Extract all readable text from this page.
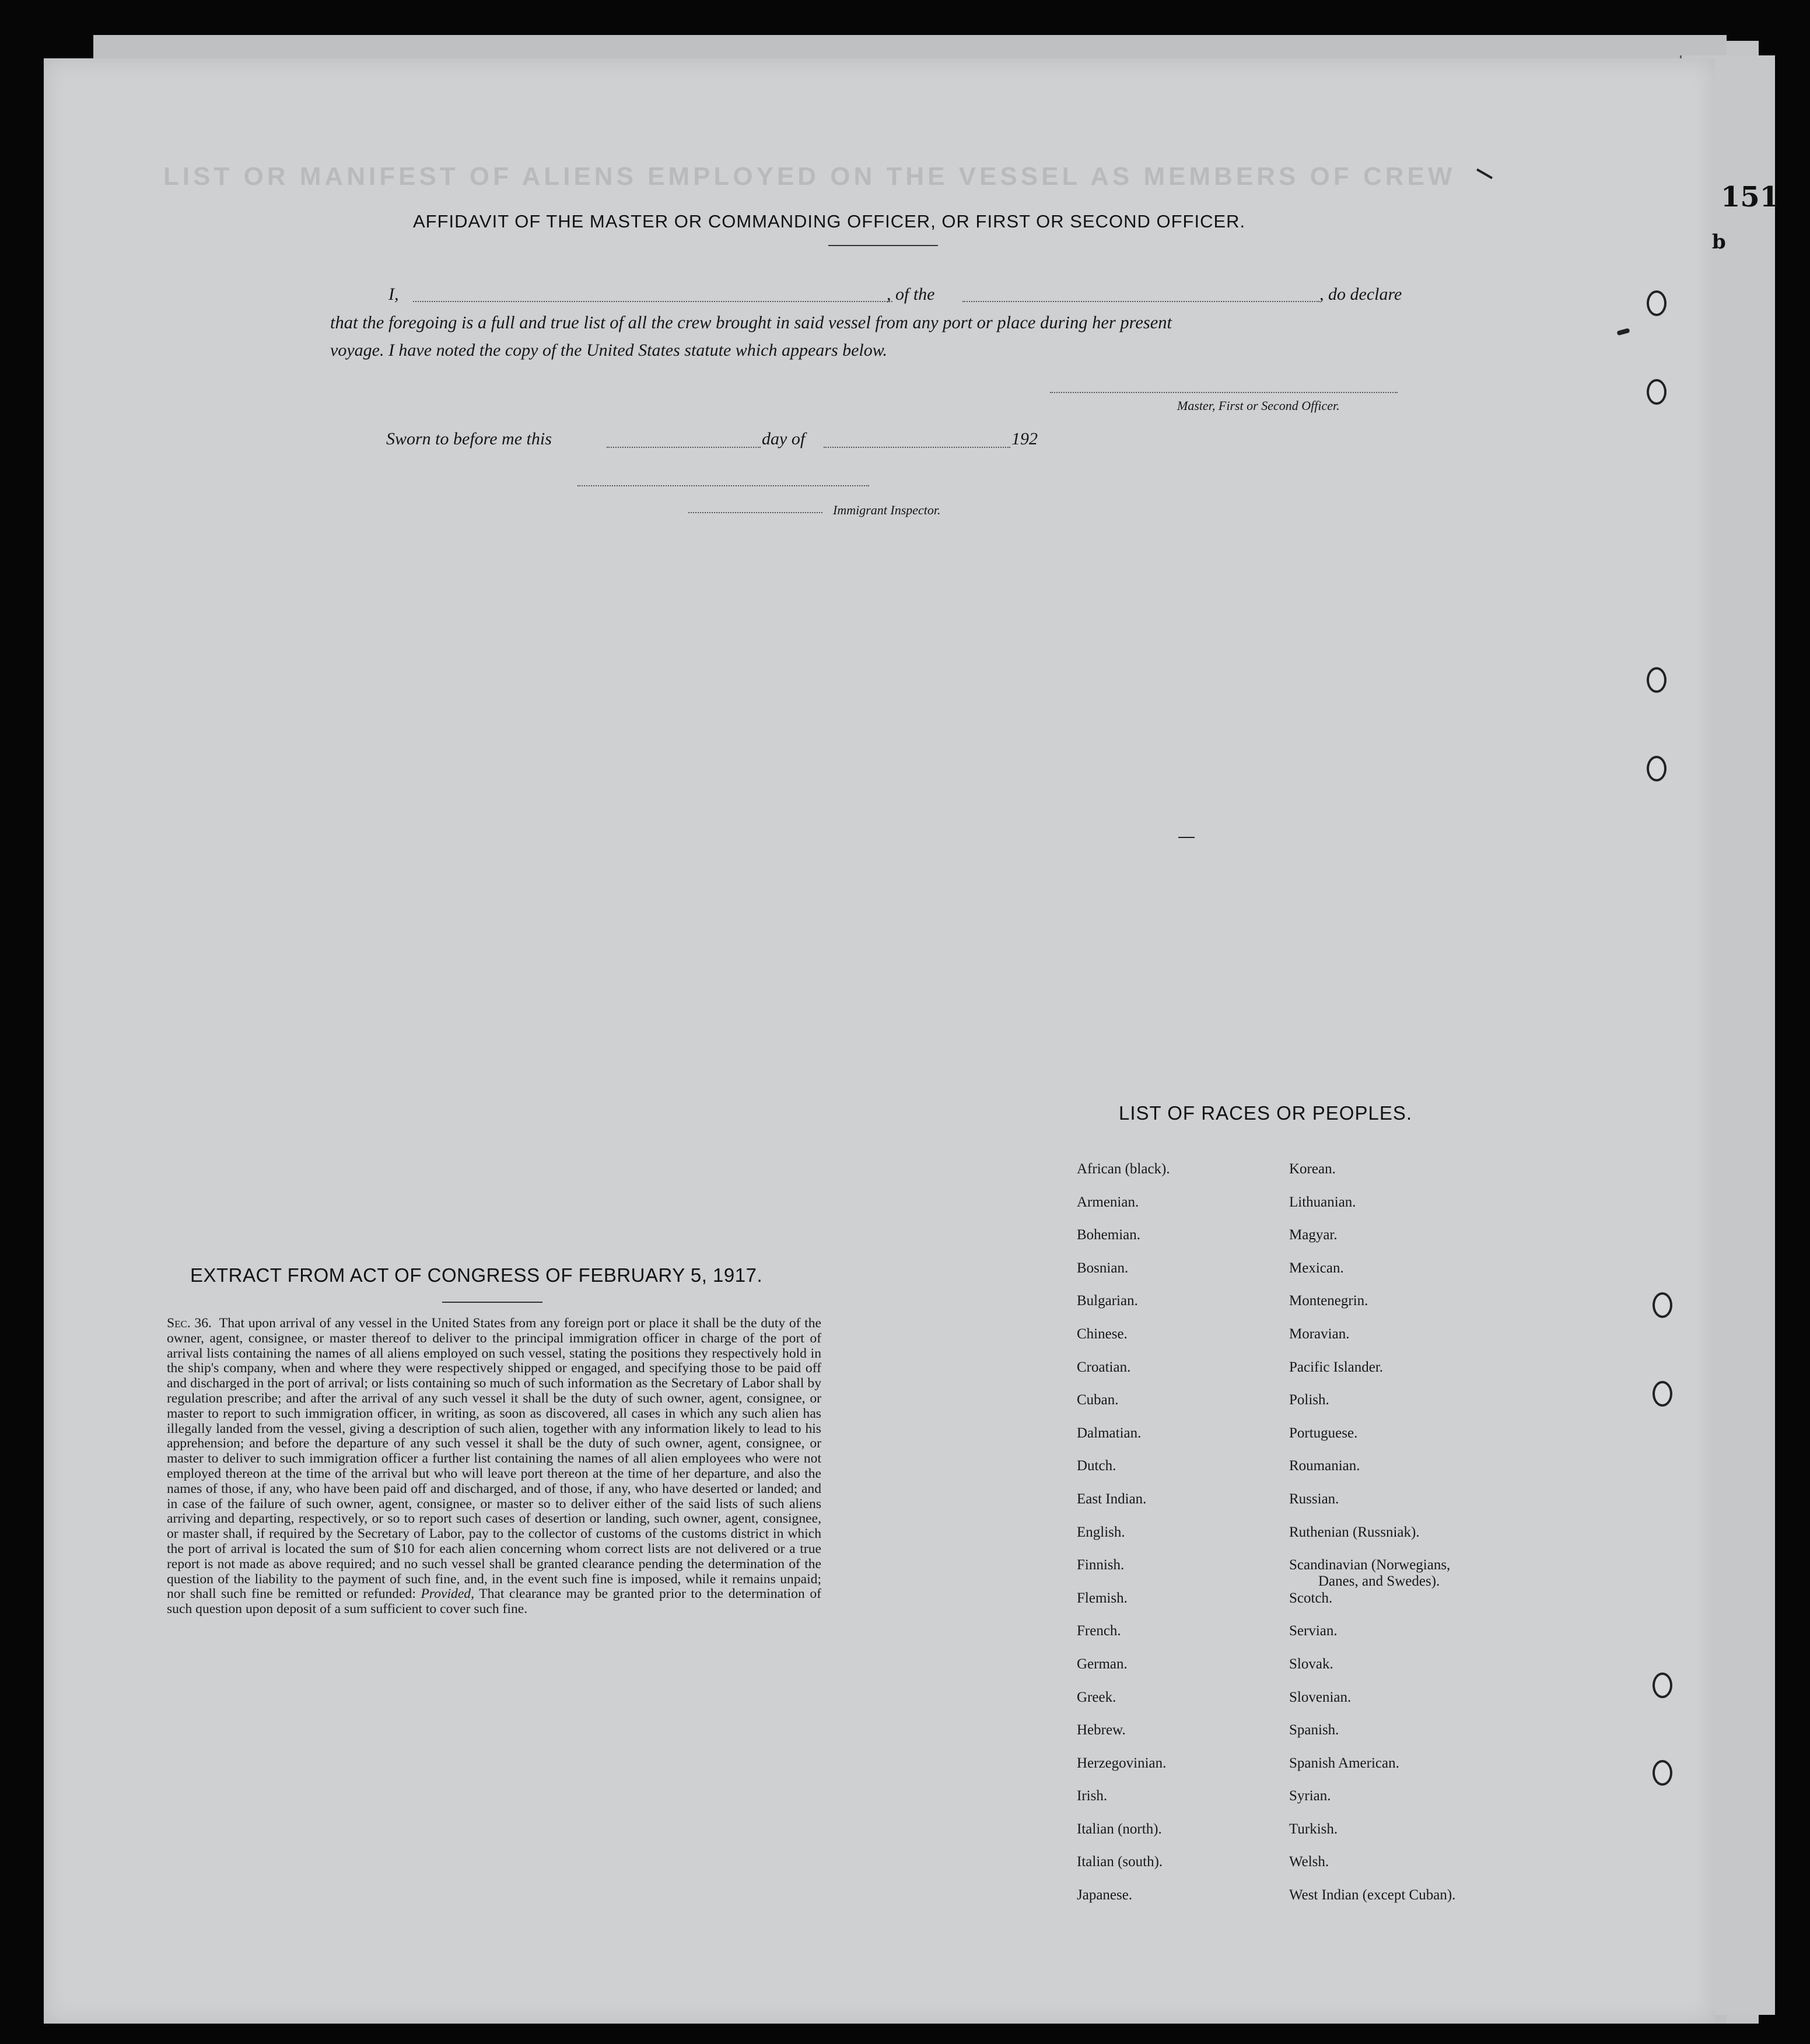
151
b
LIST OR MANIFEST OF ALIENS EMPLOYED ON THE VESSEL AS MEMBERS OF CREW
AFFIDAVIT OF THE MASTER OR COMMANDING OFFICER, OR FIRST OR SECOND OFFICER.
I,	, of the	, do declare
that the foregoing is a full and true list of all the crew brought in said vessel from any port or place during her present
voyage. I have noted the copy of the United States statute which appears below.
Master, First or Second Officer.
Sworn to before me this	day of	192
Immigrant Inspector.
EXTRACT FROM ACT OF CONGRESS OF FEBRUARY 5, 1917.
Sec. 36. That upon arrival of any vessel in the United States from any foreign port or place it shall be the duty of the owner, agent, consignee, or master thereof to deliver to the principal immigration officer in charge of the port of arrival lists containing the names of all aliens employed on such vessel, stating the positions they respectively hold in the ship's company, when and where they were respectively shipped or engaged, and specifying those to be paid off and discharged in the port of arrival; or lists containing so much of such information as the Secretary of Labor shall by regulation prescribe; and after the arrival of any such vessel it shall be the duty of such owner, agent, consignee, or master to report to such immigration officer, in writing, as soon as discovered, all cases in which any such alien has illegally landed from the vessel, giving a description of such alien, together with any information likely to lead to his apprehension; and before the departure of any such vessel it shall be the duty of such owner, agent, consignee, or master to deliver to such immigration officer a further list containing the names of all alien employees who were not employed thereon at the time of the arrival but who will leave port thereon at the time of her departure, and also the names of those, if any, who have been paid off and discharged, and of those, if any, who have deserted or landed; and in case of the failure of such owner, agent, consignee, or master so to deliver either of the said lists of such aliens arriving and departing, respectively, or so to report such cases of desertion or landing, such owner, agent, consignee, or master shall, if required by the Secretary of Labor, pay to the collector of customs of the customs district in which the port of arrival is located the sum of $10 for each alien concerning whom correct lists are not delivered or a true report is not made as above required; and no such vessel shall be granted clearance pending the determination of the question of the liability to the payment of such fine, and, in the event such fine is imposed, while it remains unpaid; nor shall such fine be remitted or refunded: Provided, That clearance may be granted prior to the determination of such question upon deposit of a sum sufficient to cover such fine.
LIST OF RACES OR PEOPLES.
African (black).
Armenian.
Bohemian.
Bosnian.
Bulgarian.
Chinese.
Croatian.
Cuban.
Dalmatian.
Dutch.
East Indian.
English.
Finnish.
Flemish.
French.
German.
Greek.
Hebrew.
Herzegovinian.
Irish.
Italian (north).
Italian (south).
Japanese.
Korean.
Lithuanian.
Magyar.
Mexican.
Montenegrin.
Moravian.
Pacific Islander.
Polish.
Portuguese.
Roumanian.
Russian.
Ruthenian (Russniak).
Scandinavian (Norwegians,
Danes, and Swedes).
Scotch.
Servian.
Slovak.
Slovenian.
Spanish.
Spanish American.
Syrian.
Turkish.
Welsh.
West Indian (except Cuban).
